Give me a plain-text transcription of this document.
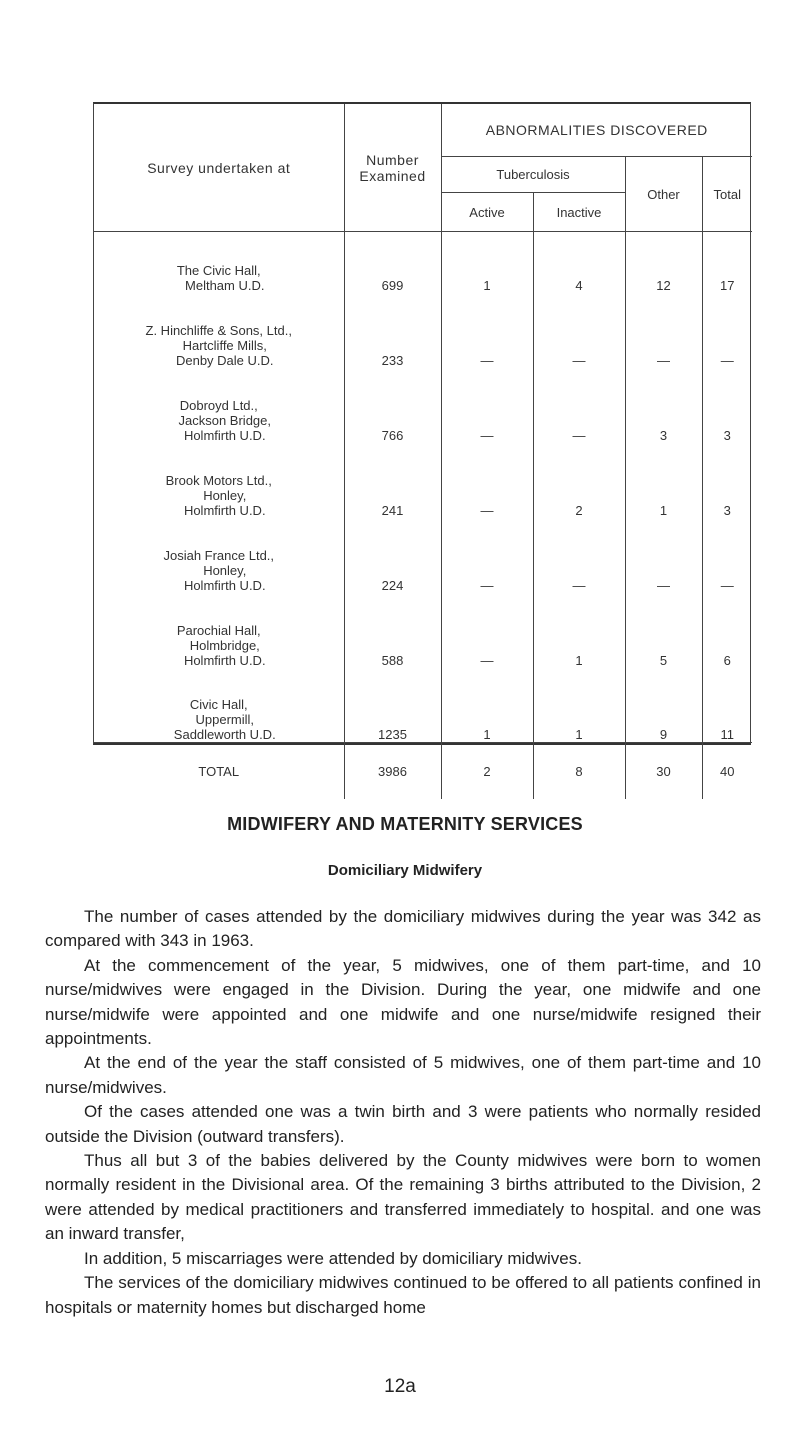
Survey undertaken at	Number Examined	ABNORMALITIES DISCOVERED			
		Tuberculosis		Other	Total
		Active	Inactive		

The Civic Hall,
Meltham U.D.	699	1	4	12	17

Z. Hinchliffe & Sons, Ltd.,
Hartcliffe Mills,
Denby Dale U.D.	233	—	—	—	—

Dobroyd Ltd.,
Jackson Bridge,
Holmfirth U.D.	766	—	—	3	3

Brook Motors Ltd.,
Honley,
Holmfirth U.D.	241	—	2	1	3

Josiah France Ltd.,
Honley,
Holmfirth U.D.	224	—	—	—	—

Parochial Hall,
Holmbridge,
Holmfirth U.D.	588	—	1	5	6

Civic Hall,
Uppermill,
Saddleworth U.D.	1235	1	1	9	11
TOTAL	3986	2	8	30	40
MIDWIFERY AND MATERNITY SERVICES
Domiciliary Midwifery

The number of cases attended by the domiciliary midwives during the year was 342 as compared with 343 in 1963.

At the commencement of the year, 5 midwives, one of them part-time, and 10 nurse/midwives were engaged in the Division. During the year, one midwife and one nurse/midwife were appointed and one midwife and one nurse/midwife resigned their appointments.

At the end of the year the staff consisted of 5 midwives, one of them part-time and 10 nurse/midwives.

Of the cases attended one was a twin birth and 3 were patients who normally resided outside the Division (outward transfers).

Thus all but 3 of the babies delivered by the County midwives were born to women normally resident in the Divisional area. Of the remaining 3 births attributed to the Division, 2 were attended by medical practitioners and transferred immediately to hospital. and one was an inward transfer,

In addition, 5 miscarriages were attended by domiciliary midwives.

The services of the domiciliary midwives continued to be offered to all patients confined in hospitals or maternity homes but discharged home

12a
